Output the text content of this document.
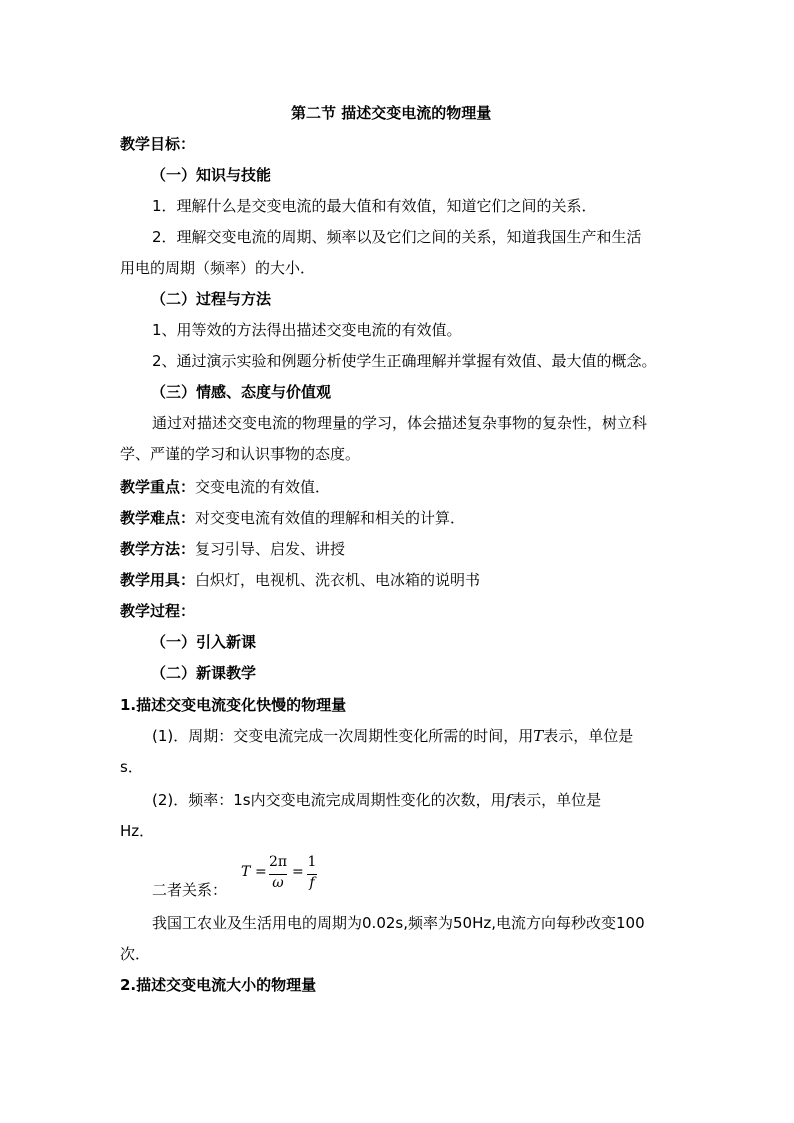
第二节 描述交变电流的物理量
教学目标：
（一）知识与技能
1．理解什么是交变电流的最大值和有效值，知道它们之间的关系．
2．理解交变电流的周期、频率以及它们之间的关系，知道我国生产和生活
用电的周期（频率）的大小．
（二）过程与方法
1、用等效的方法得出描述交变电流的有效值。
2、通过演示实验和例题分析使学生正确理解并掌握有效值、最大值的概念。
（三）情感、态度与价值观
通过对描述交变电流的物理量的学习，体会描述复杂事物的复杂性，树立科
学、严谨的学习和认识事物的态度。
教学重点：交变电流的有效值．
教学难点：对交变电流有效值的理解和相关的计算．
教学方法：复习引导、启发、讲授
教学用具：白炽灯，电视机、洗衣机、电冰箱的说明书
教学过程：
（一）引入新课
（二）新课教学
1.描述交变电流变化快慢的物理量
(1)．周期：交变电流完成一次周期性变化所需的时间，用T表示，单位是
s．
(2)．频率：1s内交变电流完成周期性变化的次数，用f表示，单位是
Hz．
二者关系：
T =
2π
ω
=
1
f
我国工农业及生活用电的周期为0.02s,频率为50Hz,电流方向每秒改变100
次．
2.描述交变电流大小的物理量
